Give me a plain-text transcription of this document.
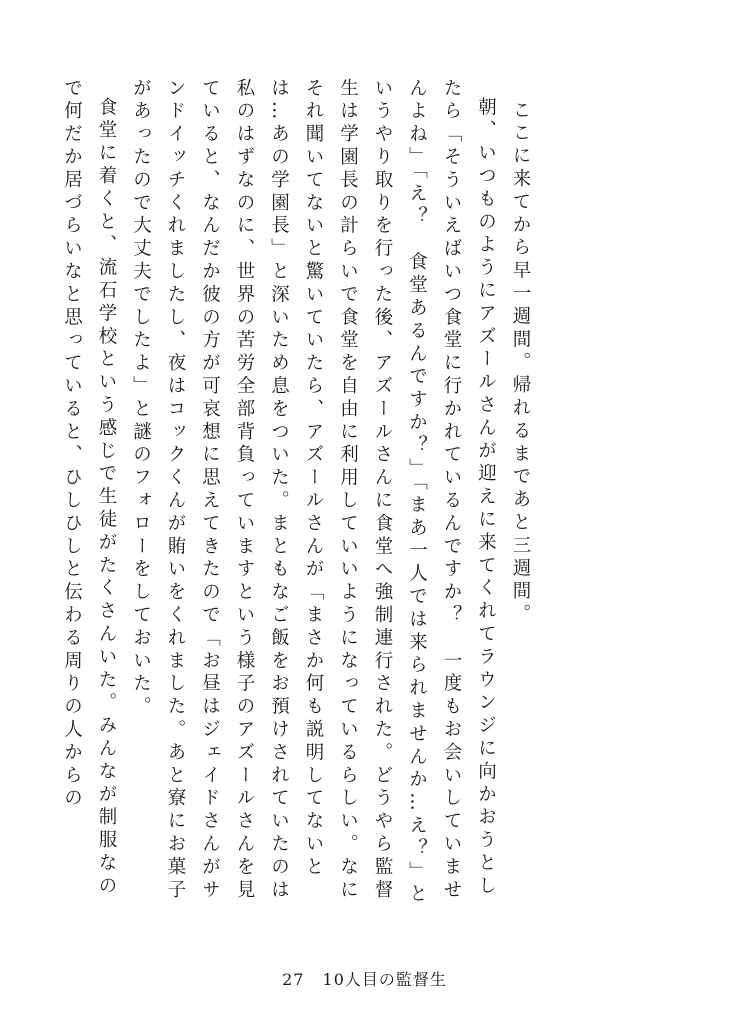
ここに来てから早一週間。帰れるまであと三週間。

朝、いつものようにアズールさんが迎えに来てくれてラウンジに向かおうとしたら「そういえばいつ食堂に行かれているんですか？　一度もお会いしていませんよね」「え？　食堂あるんですか？」「まあ一人では来られませんか…え？」というやり取りを行った後、アズールさんに食堂へ強制連行された。どうやら監督生は学園長の計らいで食堂を自由に利用していいようになっているらしい。なにそれ聞いてないと驚いていたら、アズールさんが「まさか何も説明してないとは…あの学園長」と深いため息をついた。まともなご飯をお預けされていたのは私のはずなのに、世界の苦労全部背負っていますという様子のアズールさんを見ていると、なんだか彼の方が可哀想に思えてきたので「お昼はジェイドさんがサンドイッチくれましたし、夜はコックくんが賄いをくれました。あと寮にお菓子があったので大丈夫でしたよ」と謎のフォローをしておいた。

食堂に着くと、流石学校という感じで生徒がたくさんいた。みんなが制服なので何だか居づらいなと思っていると、ひしひしと伝わる周りの人からの

27 10人目の監督生
